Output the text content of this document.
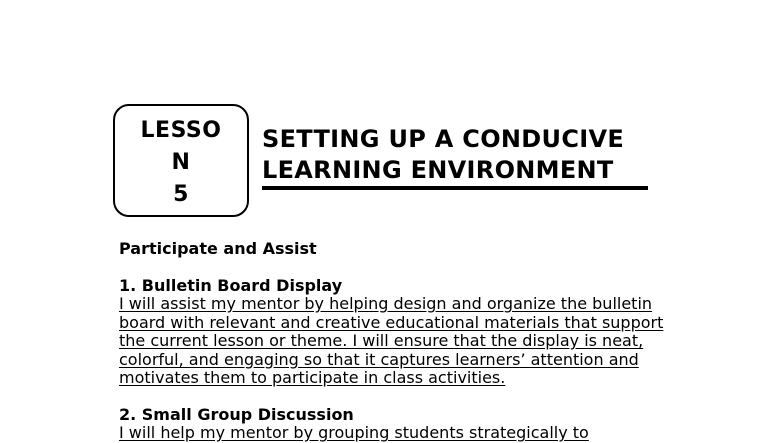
LESSO
N
5
SETTING UP A CONDUCIVE
LEARNING ENVIRONMENT
Participate and Assist
1. Bulletin Board Display
I will assist my mentor by helping design and organize the bulletin
board with relevant and creative educational materials that support
the current lesson or theme. I will ensure that the display is neat,
colorful, and engaging so that it captures learners’ attention and
motivates them to participate in class activities.
2. Small Group Discussion
I will help my mentor by grouping students strategically to
